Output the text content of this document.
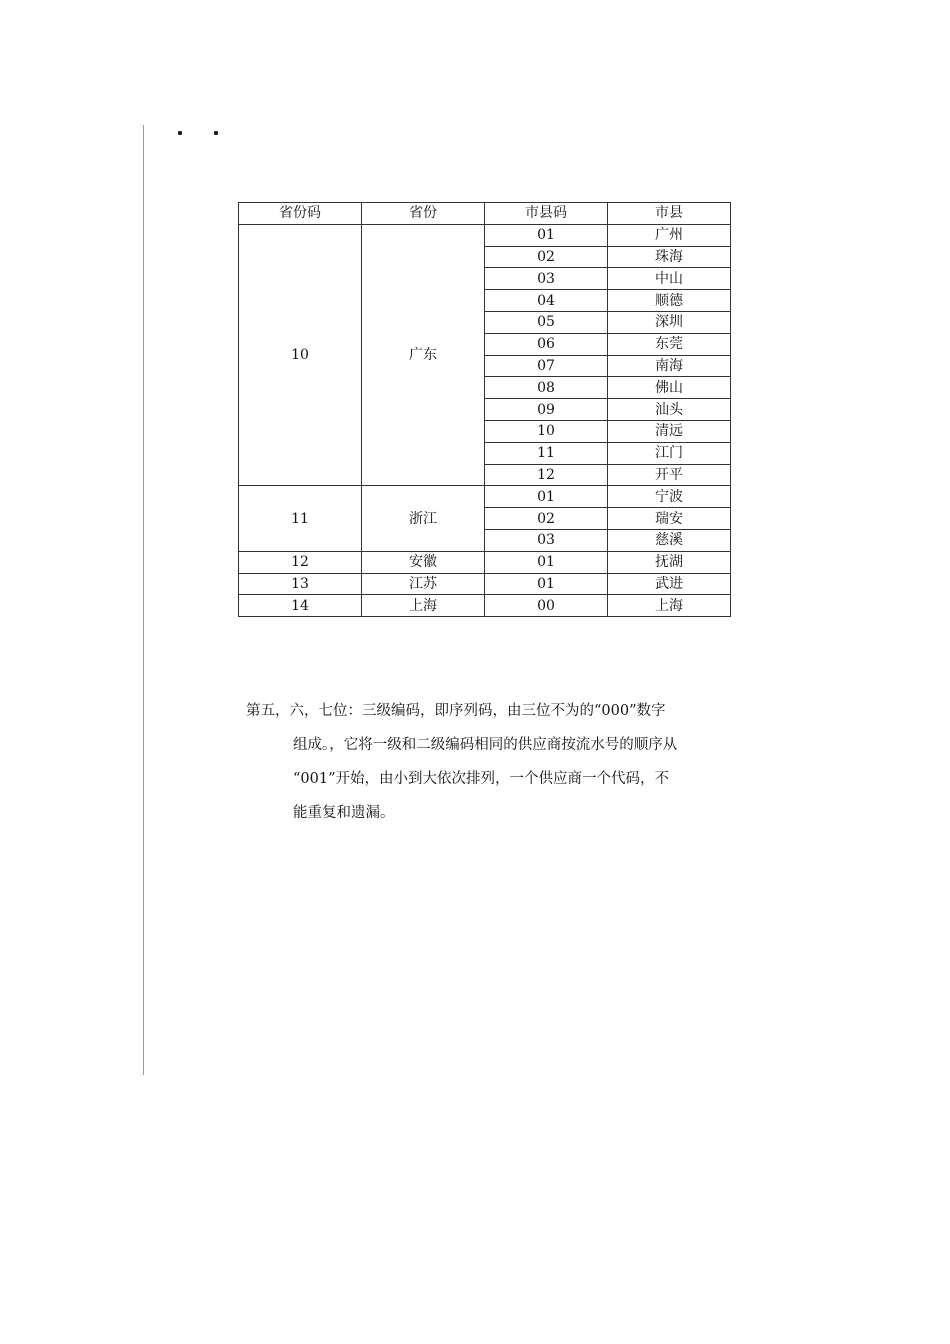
省份码	省份	市县码	市县
10	广东	01	广州
		02	珠海
		03	中山
		04	顺德
		05	深圳
		06	东莞
		07	南海
		08	佛山
		09	汕头
		10	清远
		11	江门
		12	开平
11	浙江	01	宁波
		02	瑞安
		03	慈溪
12	安徽	01	抚湖
13	江苏	01	武进
14	上海	00	上海
第五，六，七位：三级编码，即序列码，由三位不为的“000”数字
组成。，它将一级和二级编码相同的供应商按流水号的顺序从
“001”开始，由小到大依次排列，一个供应商一个代码，不
能重复和遗漏。
